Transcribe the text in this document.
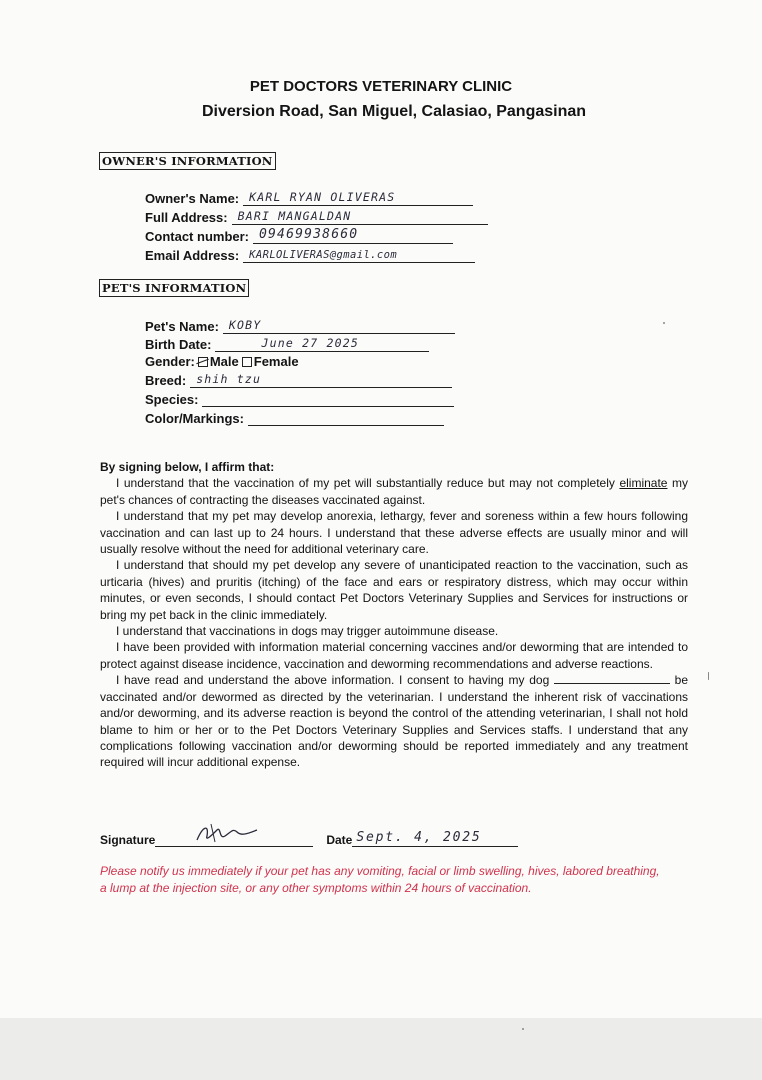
PET DOCTORS VETERINARY CLINIC
Diversion Road, San Miguel, Calasiao, Pangasinan
OWNER'S INFORMATION
Owner's Name: KARL RYAN OLIVERAS
Full Address: BARI MANGALDAN
Contact number: 09469938660
Email Address: KARLOLIVERAS@gmail.com
PET'S INFORMATION
Pet's Name: KOBY
Birth Date:	June 27 2025
Gender: Male Female
Breed: shih tzu
Species:
Color/Markings:

By signing below, I affirm that:

I understand that the vaccination of my pet will substantially reduce but may not completely eliminate my pet's chances of contracting the diseases vaccinated against.

I understand that my pet may develop anorexia, lethargy, fever and soreness within a few hours following vaccination and can last up to 24 hours. I understand that these adverse effects are usually minor and will usually resolve without the need for additional veterinary care.

I understand that should my pet develop any severe of unanticipated reaction to the vaccination, such as urticaria (hives) and pruritis (itching) of the face and ears or respiratory distress, which may occur within minutes, or even seconds, I should contact Pet Doctors Veterinary Supplies and Services for instructions or bring my pet back in the clinic immediately.

I understand that vaccinations in dogs may trigger autoimmune disease.

I have been provided with information material concerning vaccines and/or deworming that are intended to protect against disease incidence, vaccination and deworming recommendations and adverse reactions.

I have read and understand the above information. I consent to having my dog	be vaccinated and/or dewormed as directed by the veterinarian. I understand the inherent risk of vaccinations and/or deworming, and its adverse reaction is beyond the control of the attending veterinarian, I shall not hold blame to him or her or to the Pet Doctors Veterinary Supplies and Services staffs. I understand that any complications following vaccination and/or deworming should be reported immediately and any treatment required will incur additional expense.

Signature	Date Sept. 4, 2025
Please notify us immediately if your pet has any vomiting, facial or limb swelling, hives, labored breathing, a lump at the injection site, or any other symptoms within 24 hours of vaccination.
